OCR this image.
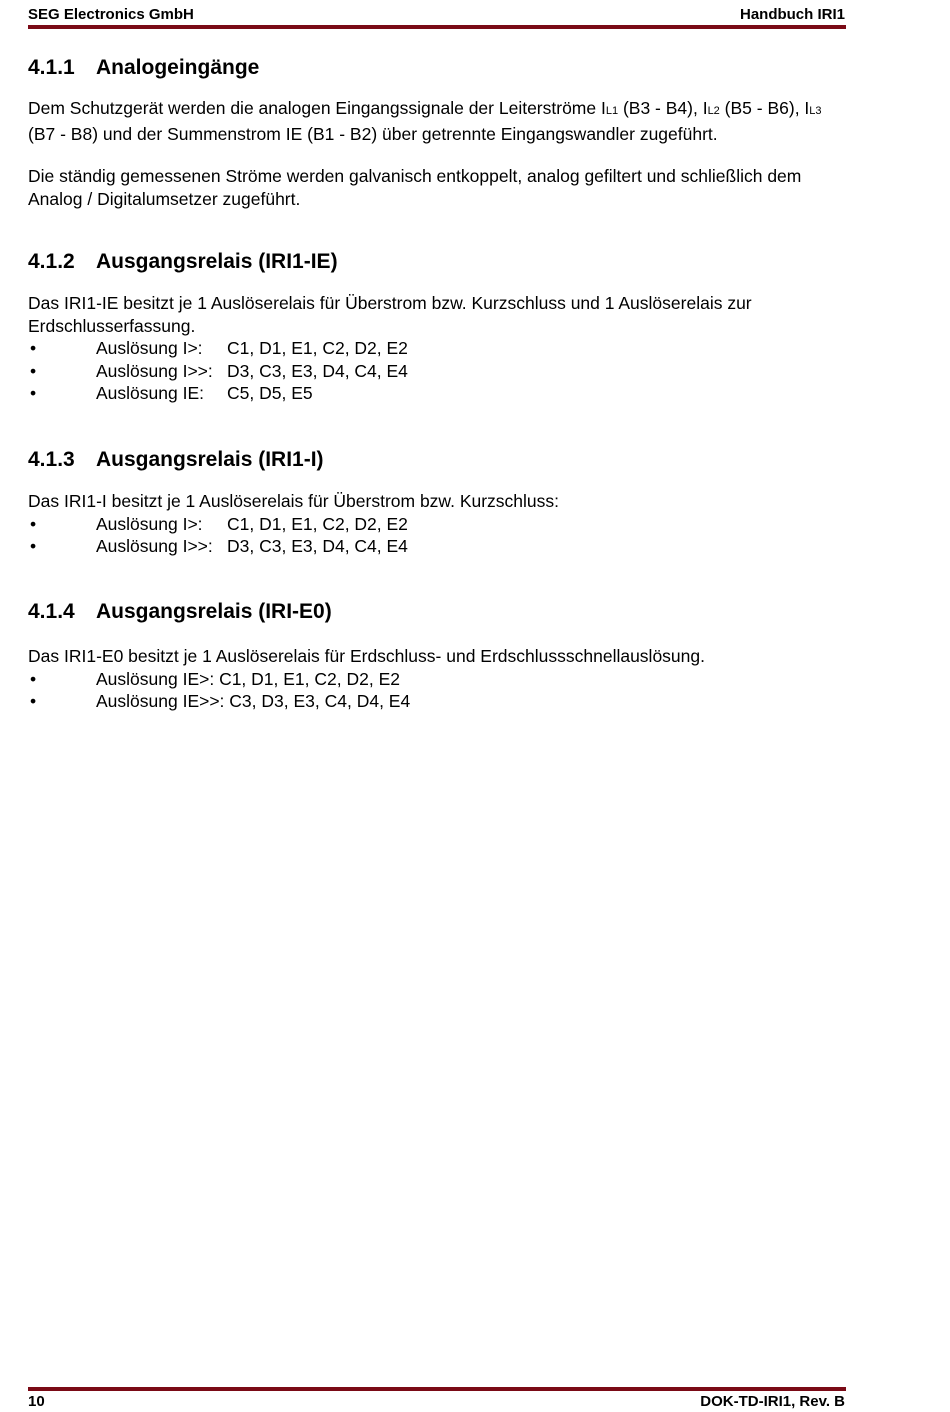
SEG Electronics GmbH	Handbuch IRI1
4.1.1	Analogeingänge

Dem Schutzgerät werden die analogen Eingangssignale der Leiterströme IL1 (B3 - B4), IL2 (B5 - B6), IL3 (B7 - B8) und der Summenstrom IE (B1 - B2) über getrennte Eingangswandler zugeführt.

Die ständig gemessenen Ströme werden galvanisch entkoppelt, analog gefiltert und schließlich dem Analog / Digitalumsetzer zugeführt.

4.1.2	Ausgangsrelais (IRI1-IE)

Das IRI1-IE besitzt je 1 Auslöserelais für Überstrom bzw. Kurzschluss und 1 Auslöserelais zur Erdschlusserfassung.

•	Auslösung I>:	C1, D1, E1, C2, D2, E2
•	Auslösung I>>: D3, C3, E3, D4, C4, E4
•	Auslösung IE:	C5, D5, E5
4.1.3	Ausgangsrelais (IRI1-I)

Das IRI1-I besitzt je 1 Auslöserelais für Überstrom bzw. Kurzschluss:

•	Auslösung I>:	C1, D1, E1, C2, D2, E2
•	Auslösung I>>: D3, C3, E3, D4, C4, E4
4.1.4	Ausgangsrelais (IRI-E0)

Das IRI1-E0 besitzt je 1 Auslöserelais für Erdschluss- und Erdschlussschnellauslösung.

•	Auslösung IE>: C1, D1, E1, C2, D2, E2
•	Auslösung IE>>: C3, D3, E3, C4, D4, E4
10	DOK-TD-IRI1, Rev. B
